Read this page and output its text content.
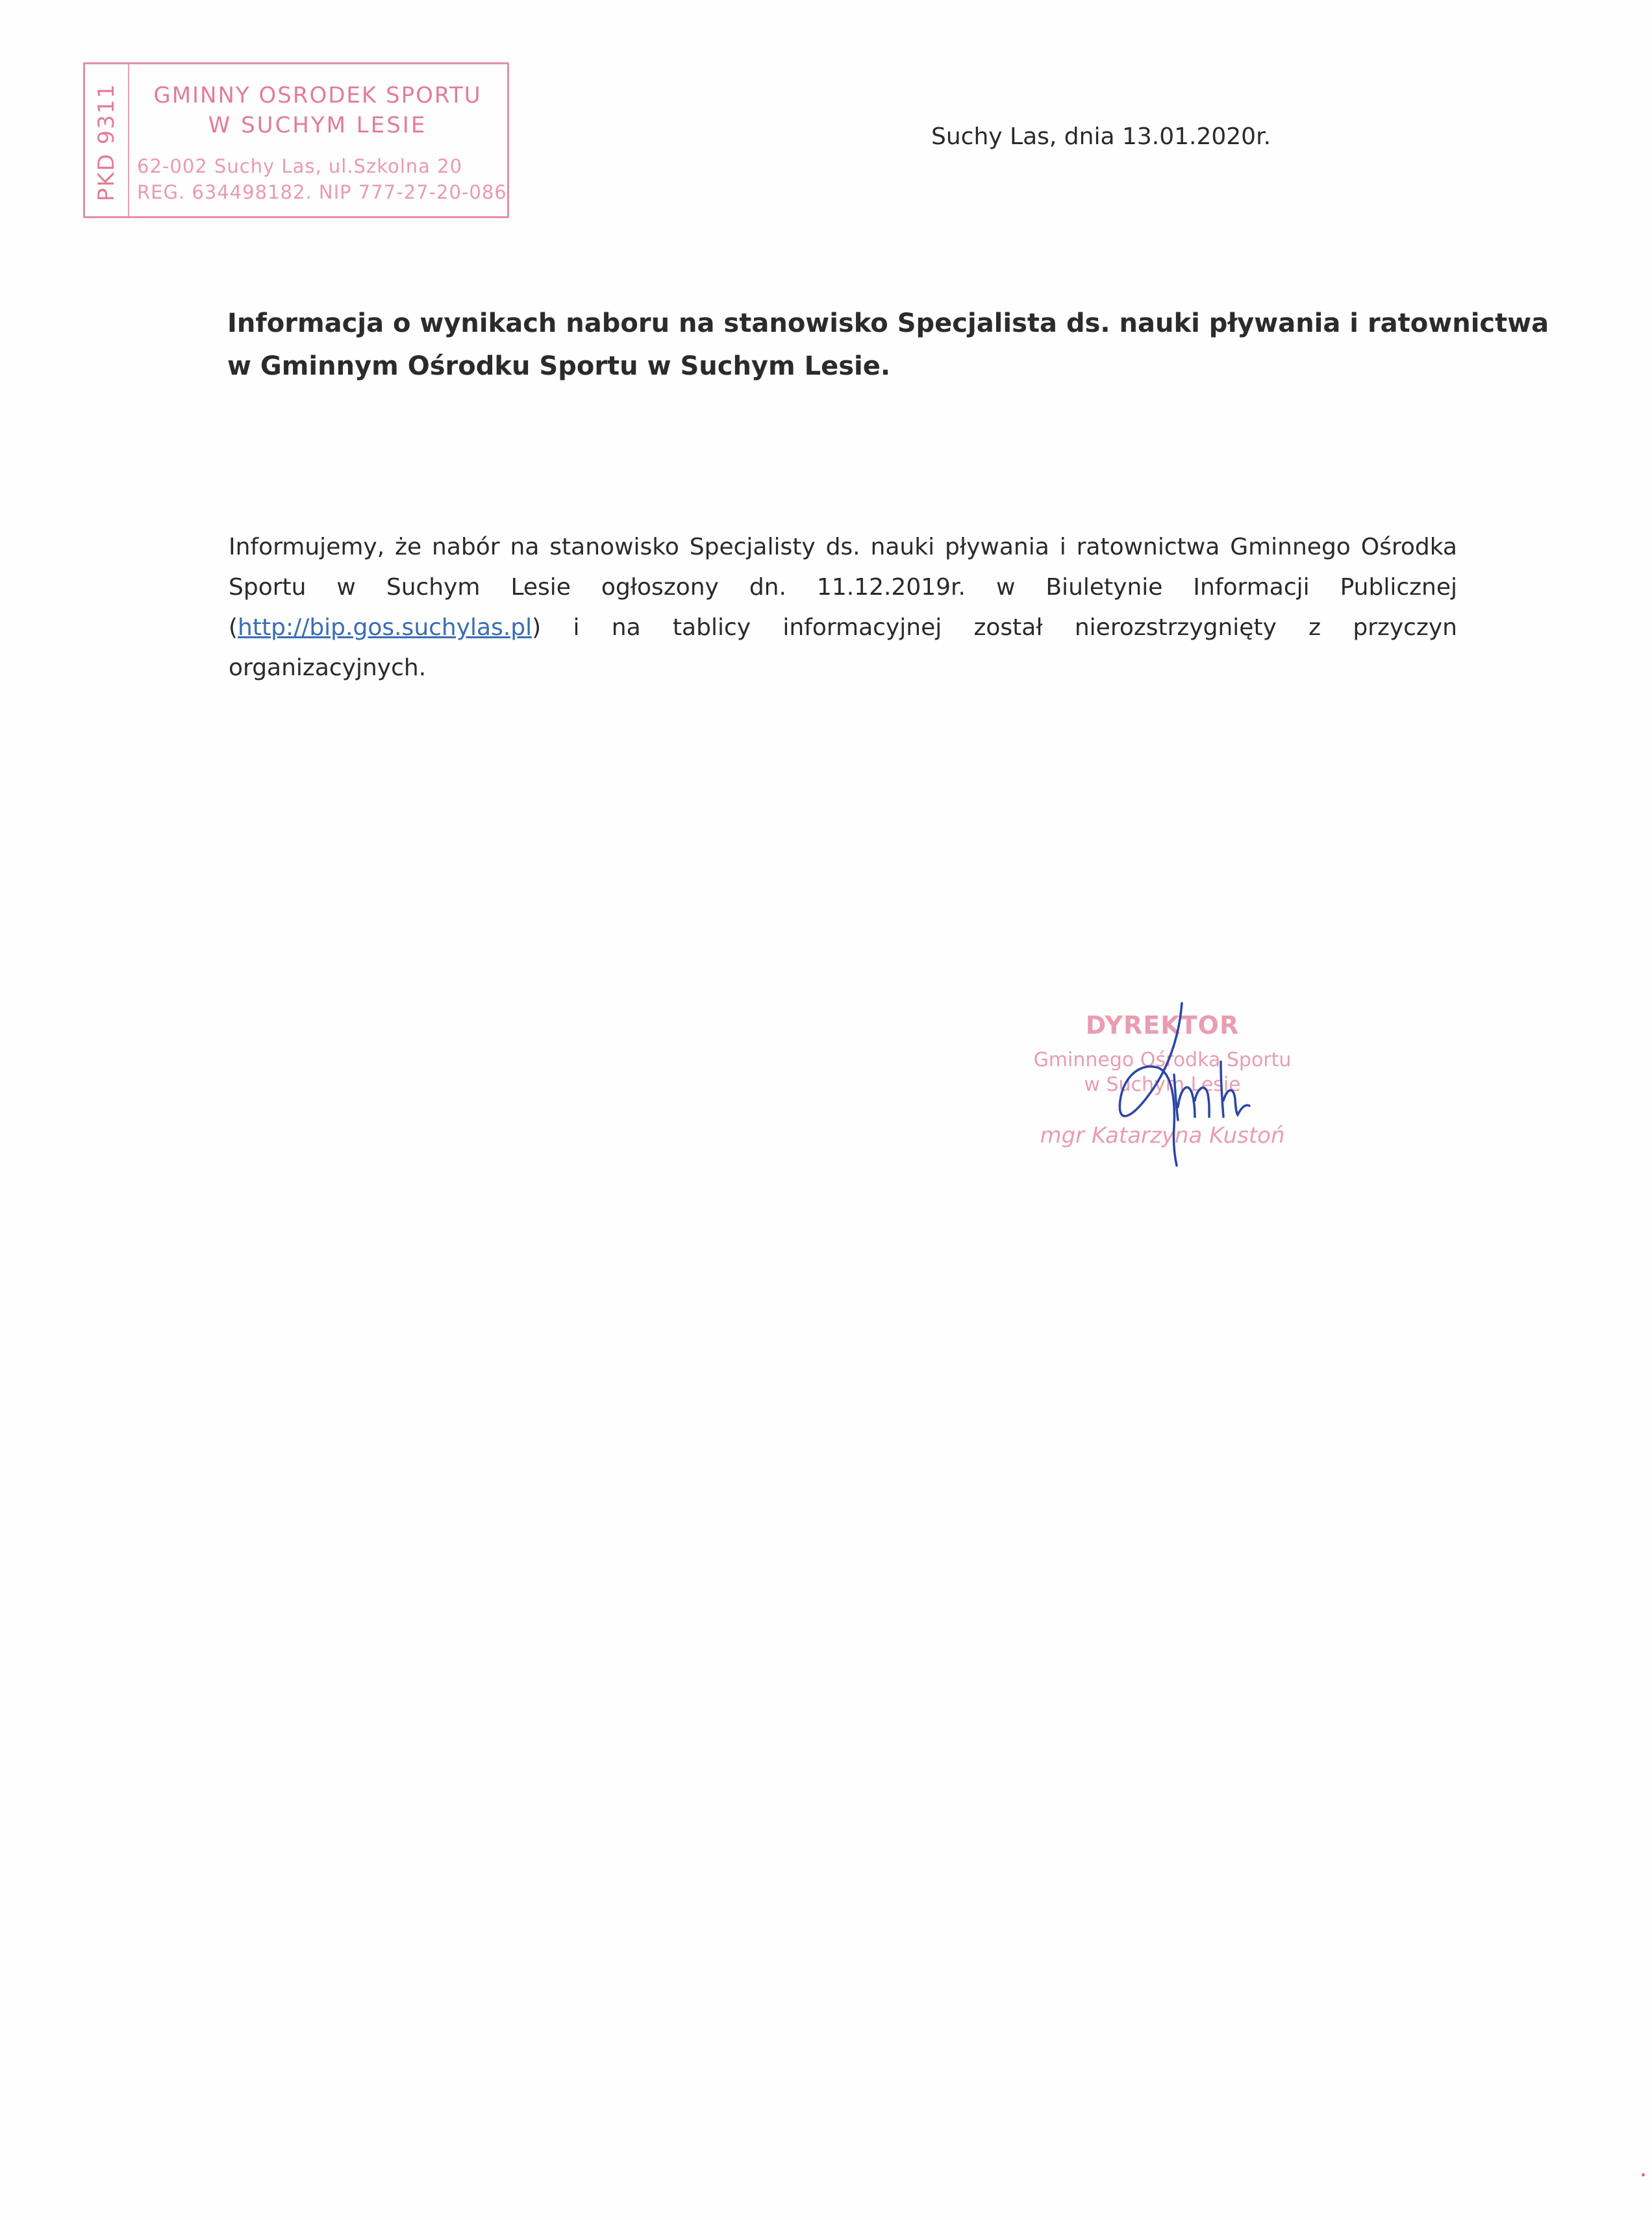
PKD 9311	GMINNY OSRODEK SPORTU
W SUCHYM LESIE
62-002 Suchy Las, ul.Szkolna 20
REG. 634498182. NIP 777-27-20-086
Suchy Las, dnia 13.01.2020r.
Informacja o wynikach naboru na stanowisko Specjalista ds. nauki pływania i ratownictwa
w Gminnym Ośrodku Sportu w Suchym Lesie.
Informujemy, że nabór na stanowisko Specjalisty ds. nauki pływania i ratownictwa Gminnego Ośrodka
Sportu w Suchym Lesie ogłoszony dn. 11.12.2019r. w Biuletynie Informacji Publicznej
(http://bip.gos.suchylas.pl) i na tablicy informacyjnej został nierozstrzygnięty z przyczyn
organizacyjnych.
DYREKTOR
Gminnego Ośrodka Sportu
w Suchym Lesie
mgr Katarzyna Kustoń
